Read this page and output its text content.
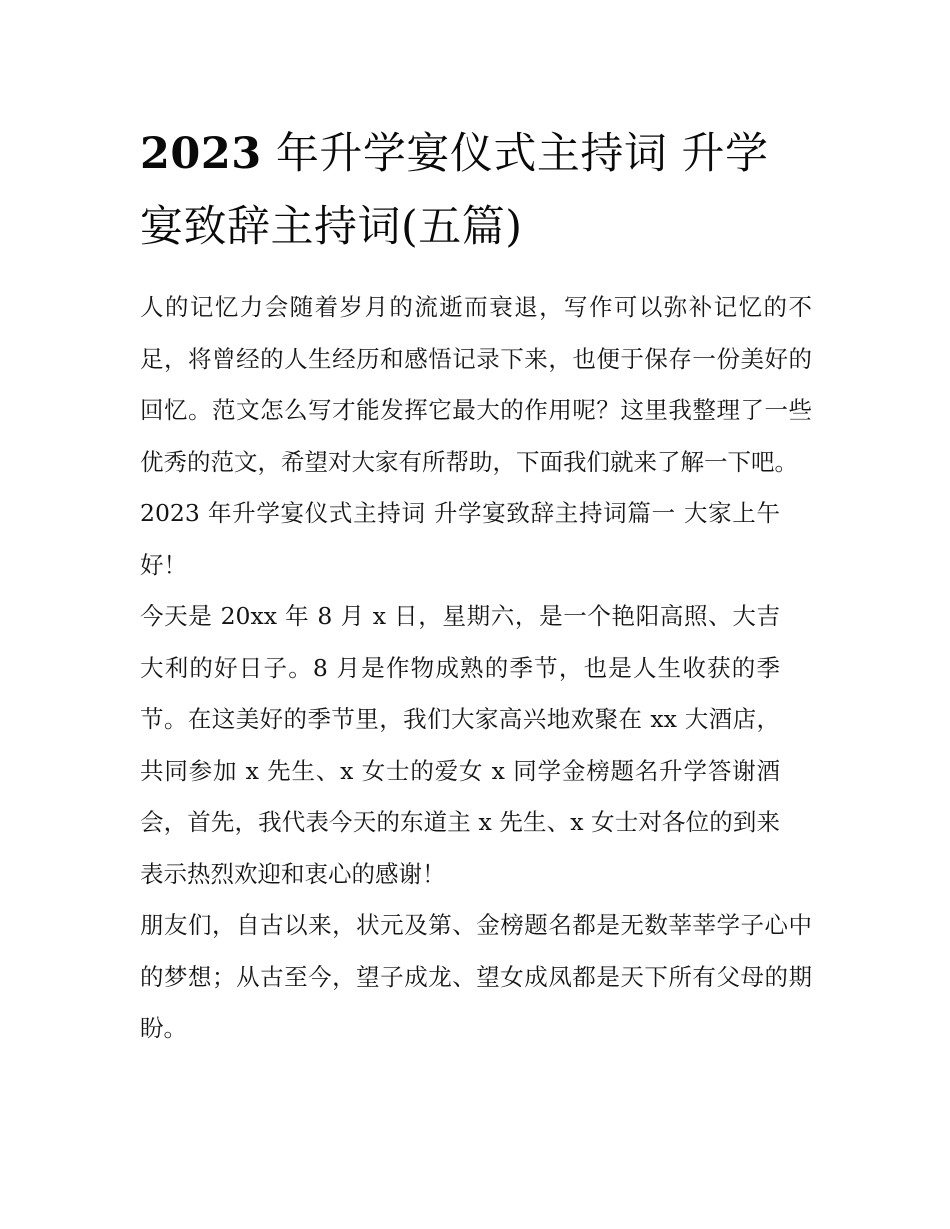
2023 年升学宴仪式主持词 升学宴致辞主持词(五篇)

人的记忆力会随着岁月的流逝而衰退，写作可以弥补记忆的不足，将曾经的人生经历和感悟记录下来，也便于保存一份美好的回忆。范文怎么写才能发挥它最大的作用呢？这里我整理了一些优秀的范文，希望对大家有所帮助，下面我们就来了解一下吧。

2023 年升学宴仪式主持词 升学宴致辞主持词篇一 大家上午好！

今天是 20xx 年 8 月 x 日，星期六，是一个艳阳高照、大吉大利的好日子。8 月是作物成熟的季节，也是人生收获的季节。在这美好的季节里，我们大家高兴地欢聚在 xx 大酒店，共同参加 x 先生、x 女士的爱女 x 同学金榜题名升学答谢酒会，首先，我代表今天的东道主 x 先生、x 女士对各位的到来表示热烈欢迎和衷心的感谢！

朋友们，自古以来，状元及第、金榜题名都是无数莘莘学子心中的梦想；从古至今，望子成龙、望女成凤都是天下所有父母的期盼。
